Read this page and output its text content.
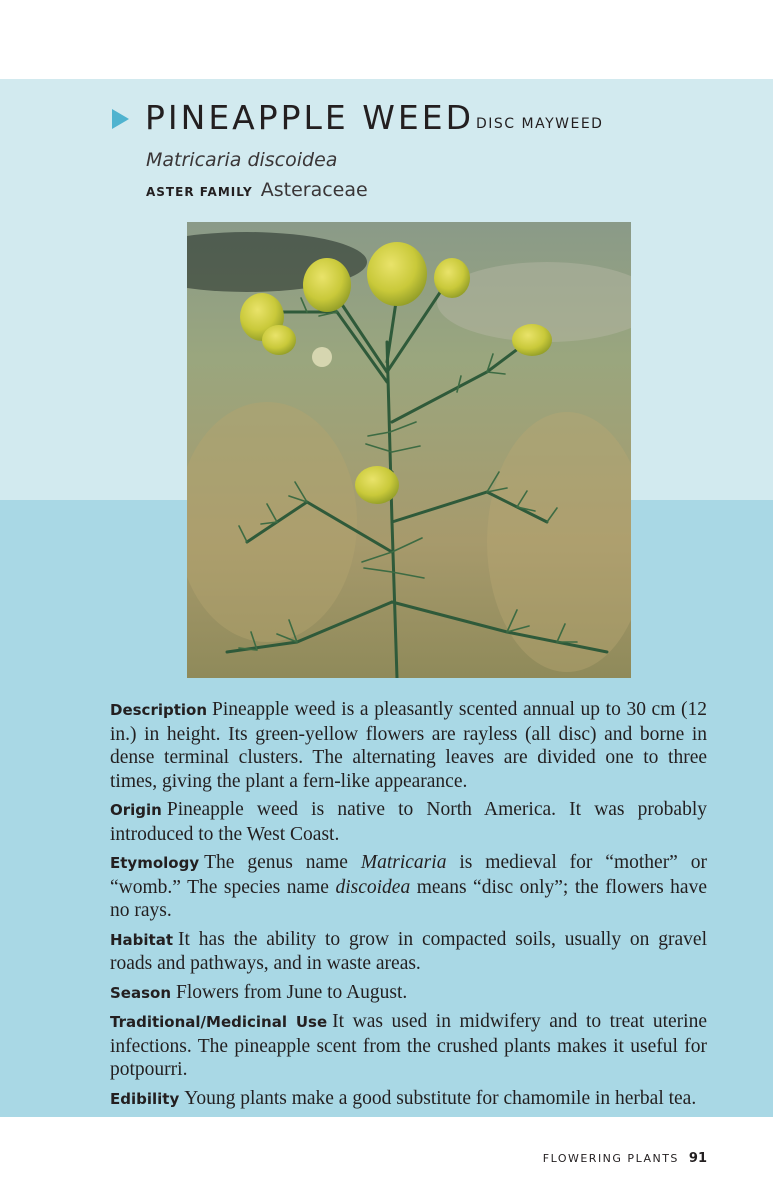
PINEAPPLE WEED DISC MAYWEED
Matricaria discoidea
ASTER FAMILY Asteraceae

Description Pineapple weed is a pleasantly scented annual up to 30 cm (12 in.) in height. Its green-yellow flowers are rayless (all disc) and borne in dense terminal clusters. The alternating leaves are divided one to three times, giving the plant a fern-like appearance.

Origin Pineapple weed is native to North America. It was probably introduced to the West Coast.

Etymology The genus name Matricaria is medieval for “mother” or “womb.” The species name discoidea means “disc only”; the flowers have no rays.

Habitat It has the ability to grow in compacted soils, usually on gravel roads and pathways, and in waste areas.

Season Flowers from June to August.

Traditional/Medicinal Use It was used in midwifery and to treat uterine infections. The pineapple scent from the crushed plants makes it useful for potpourri.

Edibility Young plants make a good substitute for chamomile in herbal tea.

FLOWERING PLANTS 91
